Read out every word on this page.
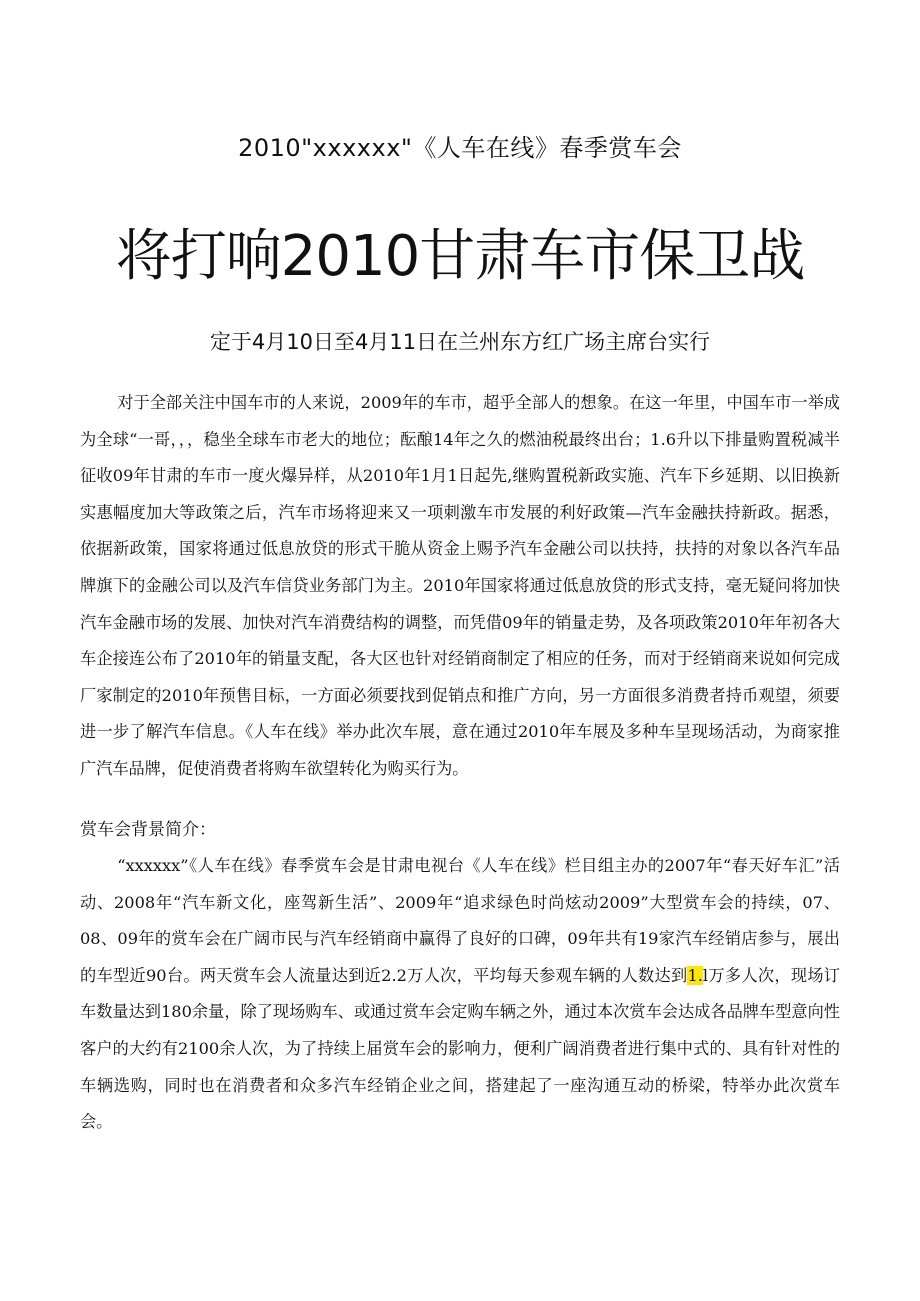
2010"xxxxxx"《人车在线》春季赏车会
将打响2010甘肃车市保卫战
定于4月10日至4月11日在兰州东方红广场主席台实行

对于全部关注中国车市的人来说，2009年的车市，超乎全部人的想象。在这一年里，中国车市一举成为全球“一哥，，，稳坐全球车市老大的地位；酝酿14年之久的燃油税最终出台；1.6升以下排量购置税减半征收09年甘肃的车市一度火爆异样，从2010年1月1日起先,继购置税新政实施、汽车下乡延期、以旧换新实惠幅度加大等政策之后，汽车市场将迎来又一项刺激车市发展的利好政策—汽车金融扶持新政。据悉，依据新政策，国家将通过低息放贷的形式干脆从资金上赐予汽车金融公司以扶持，扶持的对象以各汽车品牌旗下的金融公司以及汽车信贷业务部门为主。2010年国家将通过低息放贷的形式支持，毫无疑问将加快汽车金融市场的发展、加快对汽车消费结构的调整，而凭借09年的销量走势，及各项政策2010年年初各大车企接连公布了2010年的销量支配，各大区也针对经销商制定了相应的任务，而对于经销商来说如何完成厂家制定的2010年预售目标，一方面必须要找到促销点和推广方向，另一方面很多消费者持币观望，须要进一步了解汽车信息。《人车在线》举办此次车展，意在通过2010年车展及多种车呈现场活动，为商家推广汽车品牌，促使消费者将购车欲望转化为购买行为。

赏车会背景简介：

“xxxxxx”《人车在线》春季赏车会是甘肃电视台《人车在线》栏目组主办的2007年“春天好车汇”活动、2008年“汽车新文化，座驾新生活”、2009年“追求绿色时尚炫动2009”大型赏车会的持续，07、08、09年的赏车会在广阔市民与汽车经销商中赢得了良好的口碑，09年共有19家汽车经销店参与，展出的车型近90台。两天赏车会人流量达到近2.2万人次，平均每天参观车辆的人数达到1.l万多人次，现场订车数量达到180余量，除了现场购车、或通过赏车会定购车辆之外，通过本次赏车会达成各品牌车型意向性客户的大约有2100余人次，为了持续上届赏车会的影响力，便利广阔消费者进行集中式的、具有针对性的车辆选购，同时也在消费者和众多汽车经销企业之间，搭建起了一座沟通互动的桥梁，特举办此次赏车会。
